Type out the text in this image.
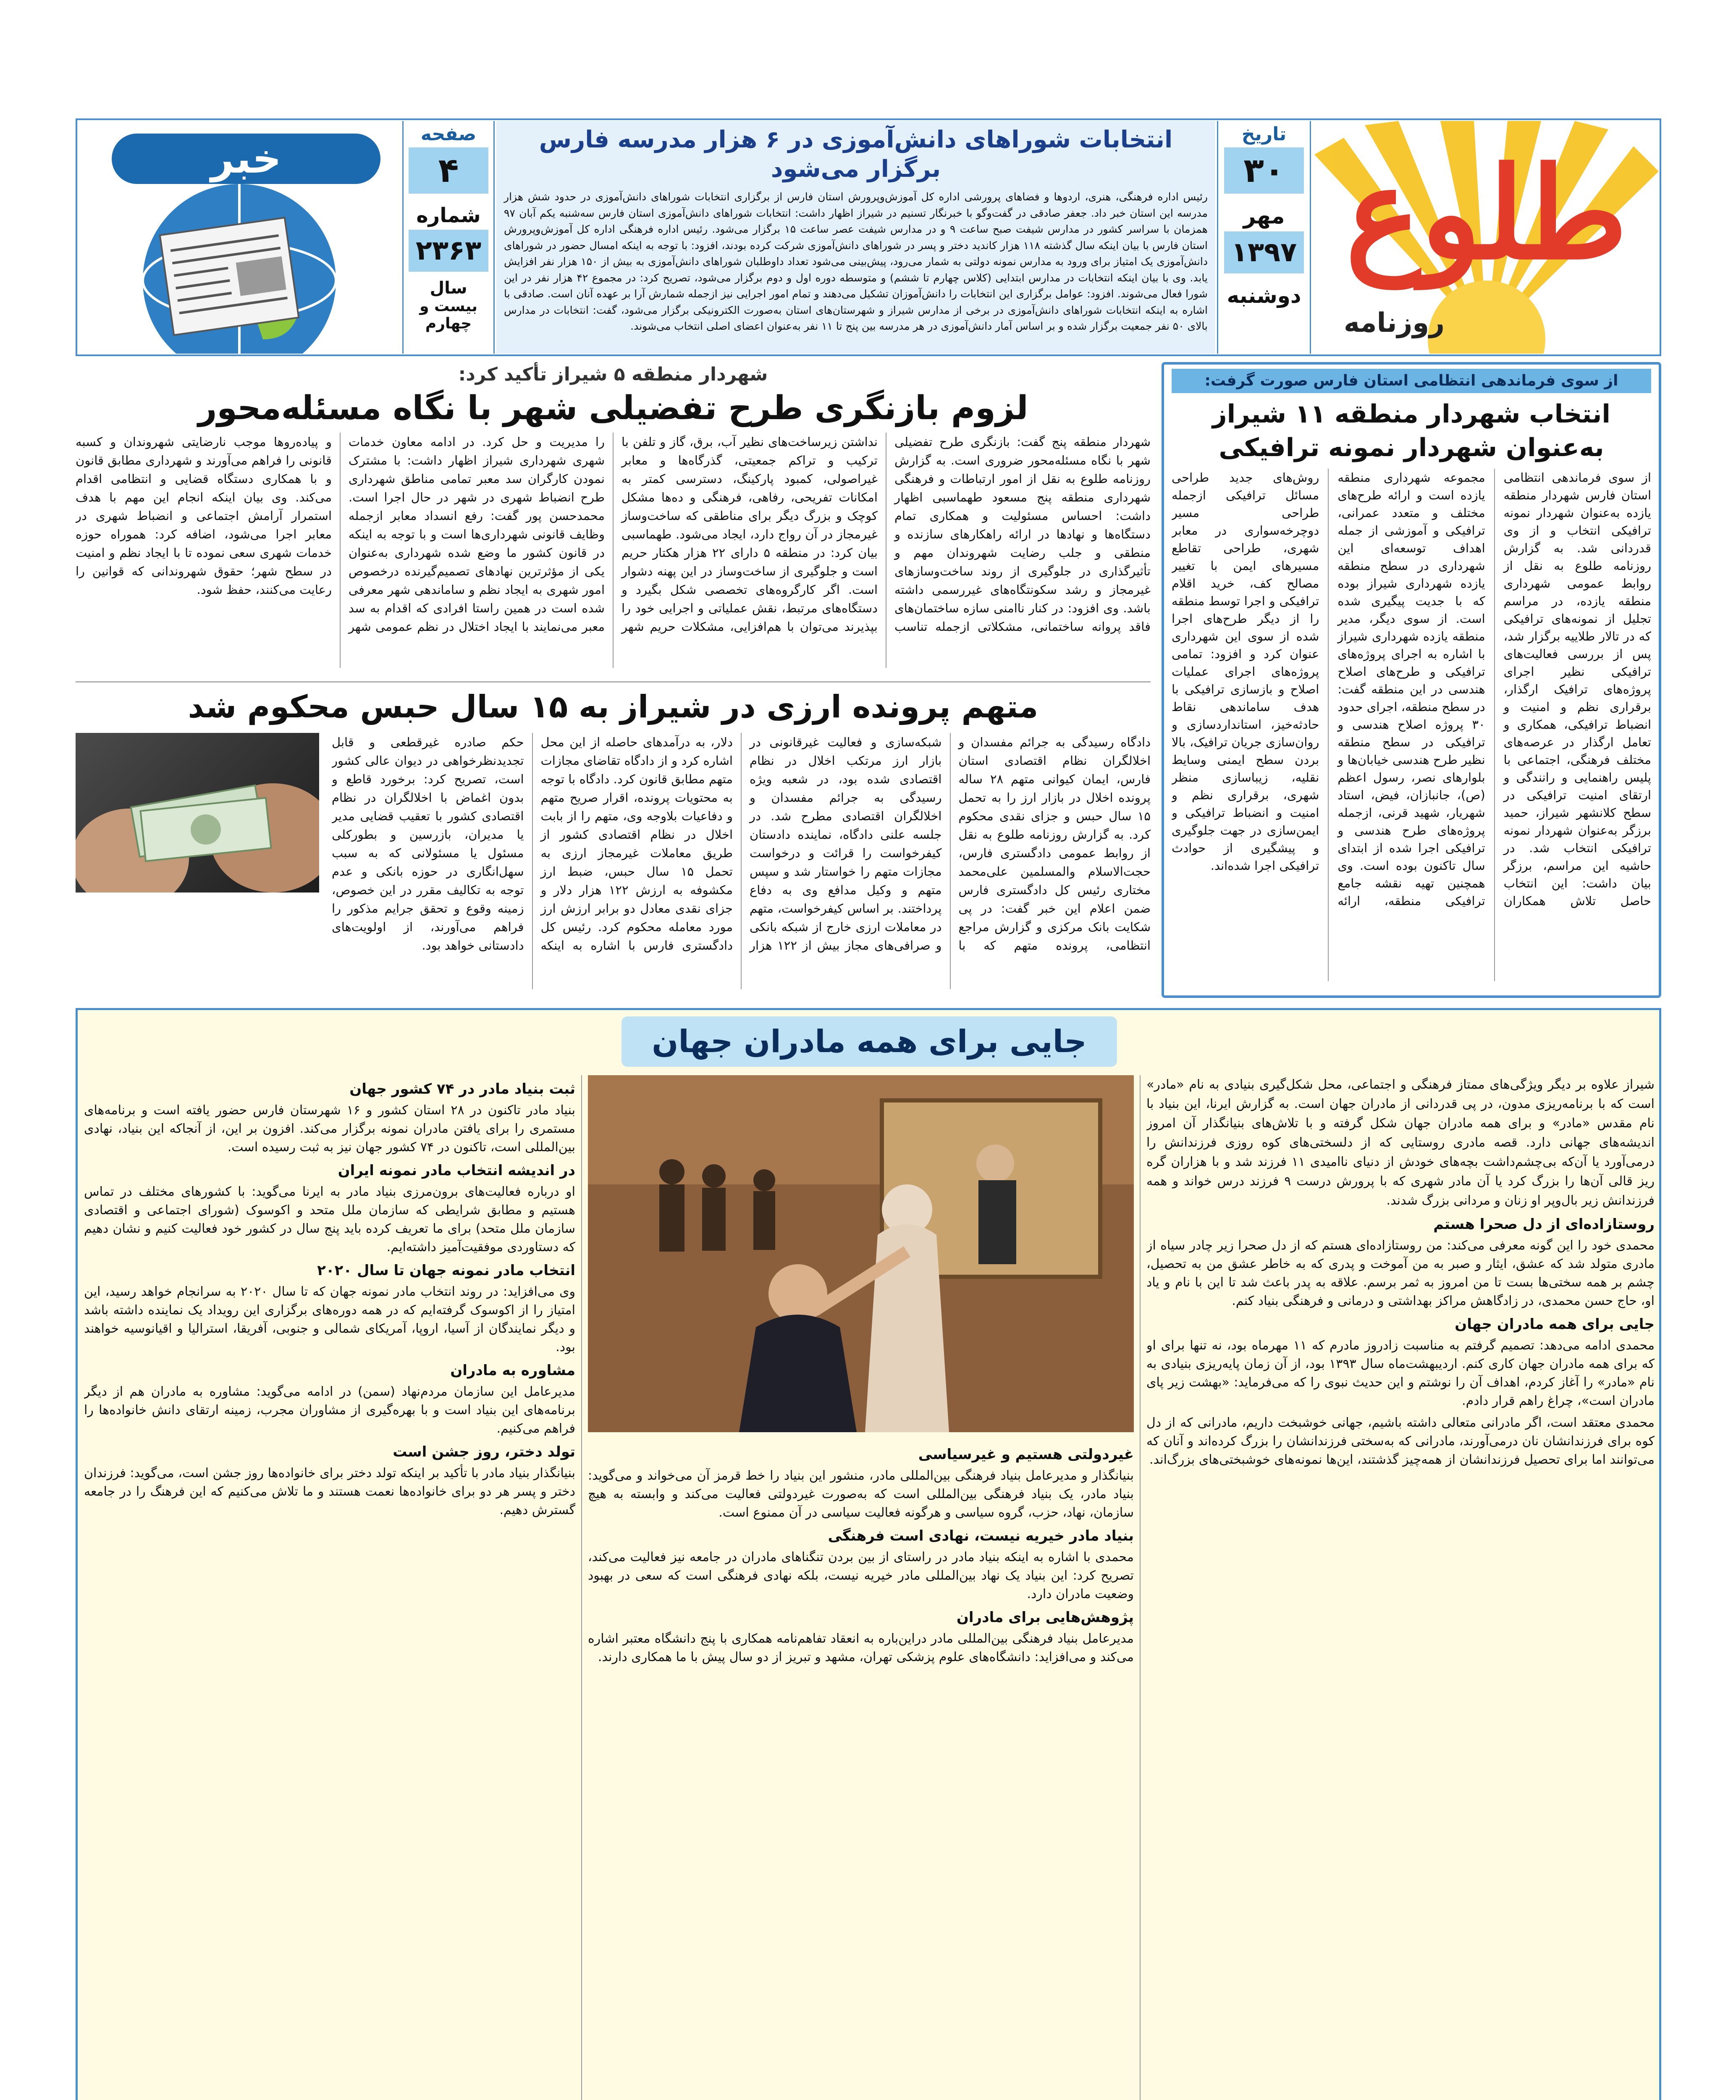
طلوع
روزنامه
تاریخ
۳۰
مهر
۱۳۹۷
دوشنبه
انتخابات شوراهای دانش‌آموزی در ۶ هزار مدرسه فارس برگزار می‌شود
رئیس اداره فرهنگی، هنری، اردوها و فضاهای پرورشی اداره کل آموزش‌وپرورش استان فارس از برگزاری انتخابات شوراهای دانش‌آموزی در حدود شش هزار مدرسه این استان خبر داد. جعفر صادقی در گفت‌وگو با خبرنگار تسنیم در شیراز اظهار داشت: انتخابات شوراهای دانش‌آموزی استان فارس سه‌شنبه یکم آبان ۹۷ همزمان با سراسر کشور در مدارس شیفت صبح ساعت ۹ و در مدارس شیفت عصر ساعت ۱۵ برگزار می‌شود. رئیس اداره فرهنگی اداره کل آموزش‌وپرورش استان فارس با بیان اینکه سال گذشته ۱۱۸ هزار کاندید دختر و پسر در شوراهای دانش‌آموزی شرکت کرده بودند، افزود: با توجه به اینکه امسال حضور در شوراهای دانش‌آموزی یک امتیاز برای ورود به مدارس نمونه دولتی به شمار می‌رود، پیش‌بینی می‌شود تعداد داوطلبان شوراهای دانش‌آموزی به بیش از ۱۵۰ هزار نفر افزایش یابد. وی با بیان اینکه انتخابات در مدارس ابتدایی (کلاس چهارم تا ششم) و متوسطه دوره اول و دوم برگزار می‌شود، تصریح کرد: در مجموع ۴۲ هزار نفر در این شورا فعال می‌شوند. افزود: عوامل برگزاری این انتخابات را دانش‌آموزان تشکیل می‌دهند و تمام امور اجرایی نیز ازجمله شمارش آرا بر عهده آنان است. صادقی با اشاره به اینکه انتخابات شوراهای دانش‌آموزی در برخی از مدارس شیراز و شهرستان‌های استان به‌صورت الکترونیکی برگزار می‌شود، گفت: انتخابات در مدارس بالای ۵۰ نفر جمعیت برگزار شده و بر اساس آمار دانش‌آموزی در هر مدرسه بین پنج تا ۱۱ نفر به‌عنوان اعضای اصلی انتخاب می‌شوند.
صفحه
۴
شماره
۲۳۶۳
سال
بیست و چهارم
خبر
از سوی فرماندهی انتظامی استان فارس صورت گرفت:
انتخاب شهردار منطقه ۱۱ شیراز
به‌عنوان شهردار نمونه ترافیکی
از سوی فرماندهی انتظامی استان فارس شهردار منطقه یازده به‌عنوان شهردار نمونه ترافیکی انتخاب و از وی قدردانی شد. به گزارش روزنامه طلوع به نقل از روابط عمومی شهرداری منطقه یازده، در مراسم تجلیل از نمونه‌های ترافیکی که در تالار طلاییه برگزار شد، پس از بررسی فعالیت‌های ترافیکی نظیر اجرای پروژه‌های ترافیک ارگذار، برقراری نظم و امنیت و انضباط ترافیکی، همکاری و تعامل ارگذار در عرصه‌های مختلف فرهنگی، اجتماعی با پلیس راهنمایی و رانندگی و ارتقای امنیت ترافیکی در سطح کلانشهر شیراز، حمید برزگر به‌عنوان شهردار نمونه ترافیکی انتخاب شد. در حاشیه این مراسم، برزگر بیان داشت: این انتخاب حاصل تلاش همکاران مجموعه شهرداری منطقه یازده است و ارائه طرح‌های مختلف و متعدد عمرانی، ترافیکی و آموزشی از جمله اهداف توسعه‌ای این شهرداری در سطح منطقه یازده شهرداری شیراز بوده که با جدیت پیگیری شده است. از سوی دیگر، مدیر منطقه یازده شهرداری شیراز با اشاره به اجرای پروژه‌های ترافیکی و طرح‌های اصلاح هندسی در این منطقه گفت: در سطح منطقه، اجرای حدود ۳۰ پروژه اصلاح هندسی و ترافیکی در سطح منطقه نظیر طرح هندسی خیابان‌ها و بلوارهای نصر، رسول اعظم (ص)، جانبازان، فیض، استاد شهریار، شهید قرنی، ازجمله پروژه‌های طرح هندسی و ترافیکی اجرا شده از ابتدای سال تاکنون بوده است. وی همچنین تهیه نقشه جامع ترافیکی منطقه، ارائه روش‌های جدید طراحی مسائل ترافیکی ازجمله طراحی مسیر دوچرخه‌سواری در معابر شهری، طراحی تقاطع مسیرهای ایمن با تغییر مصالح کف، خرید اقلام ترافیکی و اجرا توسط منطقه را از دیگر طرح‌های اجرا شده از سوی این شهرداری عنوان کرد و افزود: تمامی پروژه‌های اجرای عملیات اصلاح و بازسازی ترافیکی با هدف ساماندهی نقاط حادثه‌خیز، استانداردسازی و روان‌سازی جریان ترافیک، بالا بردن سطح ایمنی وسایط نقلیه، زیباسازی منظر شهری، برقراری نظم و امنیت و انضباط ترافیکی و ایمن‌سازی در جهت جلوگیری و پیشگیری از حوادث ترافیکی اجرا شده‌اند.
شهردار منطقه ۵ شیراز تأکید کرد:
لزوم بازنگری طرح تفضیلی شهر با نگاه مسئله‌محور
شهردار منطقه پنج گفت: بازنگری طرح تفضیلی شهر با نگاه مسئله‌محور ضروری است. به گزارش روزنامه طلوع به نقل از امور ارتباطات و فرهنگی شهرداری منطقه پنج مسعود طهماسبی اظهار داشت: احساس مسئولیت و همکاری تمام دستگاه‌ها و نهادها در ارائه راهکارهای سازنده و منطقی و جلب رضایت شهروندان مهم و تأثیرگذاری در جلوگیری از روند ساخت‌وسازهای غیرمجاز و رشد سکونتگاه‌های غیررسمی داشته باشد. وی افزود: در کنار ناامنی سازه ساختمان‌های فاقد پروانه ساختمانی، مشکلاتی ازجمله تناسب نداشتن زیرساخت‌های نظیر آب، برق، گاز و تلفن با ترکیب و تراکم جمعیتی، گذرگاه‌ها و معابر غیراصولی، کمبود پارکینگ، دسترسی کمتر به امکانات تفریحی، رفاهی، فرهنگی و ده‌ها مشکل کوچک و بزرگ دیگر برای مناطقی که ساخت‌وساز غیرمجاز در آن رواج دارد، ایجاد می‌شود. طهماسبی بیان کرد: در منطقه ۵ دارای ۲۲ هزار هکتار حریم است و جلوگیری از ساخت‌وساز در این پهنه دشوار است. اگر کارگروه‌های تخصصی شکل بگیرد و دستگاه‌های مرتبط، نقش عملیاتی و اجرایی خود را بپذیرند می‌توان با هم‌افزایی، مشکلات حریم شهر را مدیریت و حل کرد. در ادامه معاون خدمات شهری شهرداری شیراز اظهار داشت: با مشترک نمودن کارگران سد معبر تمامی مناطق شهرداری طرح انضباط شهری در شهر در حال اجرا است. محمدحسن پور گفت: رفع انسداد معابر ازجمله وظایف قانونی شهرداری‌ها است و با توجه به اینکه در قانون کشور ما وضع شده شهرداری به‌عنوان یکی از مؤثرترین نهادهای تصمیم‌گیرنده درخصوص امور شهری به ایجاد نظم و ساماندهی شهر معرفی شده است در همین راستا افرادی که اقدام به سد معبر می‌نمایند با ایجاد اختلال در نظم عمومی شهر و پیاده‌روها موجب نارضایتی شهروندان و کسبه قانونی را فراهم می‌آورند و شهرداری مطابق قانون و با همکاری دستگاه قضایی و انتظامی اقدام می‌کند. وی بیان اینکه انجام این مهم با هدف استمرار آرامش اجتماعی و انضباط شهری در معابر اجرا می‌شود، اضافه کرد: هموراه حوزه خدمات شهری سعی نموده تا با ایجاد نظم و امنیت در سطح شهر؛ حقوق شهروندانی که قوانین را رعایت می‌کنند، حفظ شود.
متهم پرونده ارزی در شیراز به ۱۵ سال حبس محکوم شد
دادگاه رسیدگی به جرائم مفسدان و اخلالگران نظام اقتصادی استان فارس، ایمان کیوانی متهم ۲۸ ساله پرونده اخلال در بازار ارز را به تحمل ۱۵ سال حبس و جزای نقدی محکوم کرد. به گزارش روزنامه طلوع به نقل از روابط عمومی دادگستری فارس، حجت‌الاسلام والمسلمین علی‌محمد مختاری رئیس کل دادگستری فارس ضمن اعلام این خبر گفت: در پی شکایت بانک مرکزی و گزارش مراجع انتظامی، پرونده متهم که با شبکه‌سازی و فعالیت غیرقانونی در بازار ارز مرتکب اخلال در نظام اقتصادی شده بود، در شعبه ویژه رسیدگی به جرائم مفسدان و اخلالگران اقتصادی مطرح شد. در جلسه علنی دادگاه، نماینده دادستان کیفرخواست را قرائت و درخواست مجازات متهم را خواستار شد و سپس متهم و وکیل مدافع وی به دفاع پرداختند. بر اساس کیفرخواست، متهم در معاملات ارزی خارج از شبکه بانکی و صرافی‌های مجاز بیش از ۱۲۲ هزار دلار، به درآمدهای حاصله از این محل اشاره کرد و از دادگاه تقاضای مجازات متهم مطابق قانون کرد. دادگاه با توجه به محتویات پرونده، اقرار صریح متهم و دفاعیات بلاوجه وی، متهم را از بابت اخلال در نظام اقتصادی کشور از طریق معاملات غیرمجاز ارزی به تحمل ۱۵ سال حبس، ضبط ارز مکشوفه به ارزش ۱۲۲ هزار دلار و جزای نقدی معادل دو برابر ارزش ارز مورد معامله محکوم کرد. رئیس کل دادگستری فارس با اشاره به اینکه حکم صادره غیرقطعی و قابل تجدیدنظرخواهی در دیوان عالی کشور است، تصریح کرد: برخورد قاطع و بدون اغماض با اخلالگران در نظام اقتصادی کشور با تعقیب قضایی مدیر یا مدیران، بازرسین و بطورکلی مسئول یا مسئولانی که به سبب سهل‌انگاری در حوزه بانکی و عدم توجه به تکالیف مقرر در این خصوص، زمینه وقوع و تحقق جرایم مذکور را فراهم می‌آورند، از اولویت‌های دادستانی خواهد بود.
جایی برای همه مادران جهان
شیراز علاوه بر دیگر ویژگی‌های ممتاز فرهنگی و اجتماعی، محل شکل‌گیری بنیادی به نام «مادر» است که با برنامه‌ریزی مدون، در پی قدردانی از مادران جهان است. به گزارش ایرنا، این بنیاد با نام مقدس «مادر» و برای همه مادران جهان شکل گرفته و با تلاش‌های بنیانگذار آن امروز اندیشه‌های جهانی دارد. قصه مادری روستایی که از دلسختی‌های کوه روزی فرزندانش را درمی‌آورد یا آن‌که بی‌چشم‌داشت بچه‌های خودش از دنیای ناامیدی ۱۱ فرزند شد و با هزاران گره ریز قالی آن‌ها را بزرگ کرد یا آن مادر شهری که با پرورش درست ۹ فرزند درس خواند و همه فرزندانش زیر بال‌وپر او زنان و مردانی بزرگ شدند.
روستازاده‌ای از دل صحرا هستم
محمدی خود را این گونه معرفی می‌کند: من روستازاده‌ای هستم که از دل صحرا زیر چادر سیاه از مادری متولد شد که عشق، ایثار و صبر به من آموخت و پدری که به خاطر عشق من به تحصیل، چشم بر همه سختی‌ها بست تا من امروز به ثمر برسم. علاقه به پدر باعث شد تا این با نام و یاد او، حاج حسن محمدی، در زادگاهش مراکز بهداشتی و درمانی و فرهنگی بنیاد کنم.
جایی برای همه مادران جهان
محمدی ادامه می‌دهد: تصمیم گرفتم به مناسبت زادروز مادرم که ۱۱ مهرماه بود، نه تنها برای او که برای همه مادران جهان کاری کنم. اردیبهشت‌ماه سال ۱۳۹۳ بود، از آن زمان پایه‌ریزی بنیادی به نام «مادر» را آغاز کردم، اهداف آن را نوشتم و این حدیث نبوی را که می‌فرماید: «بهشت زیر پای مادران است»، چراغ راهم قرار دادم.
محمدی معتقد است، اگر مادرانی متعالی داشته باشیم، جهانی خوشبخت داریم، مادرانی که از دل کوه برای فرزندانشان نان درمی‌آورند، مادرانی که به‌سختی فرزندانشان را بزرگ کرده‌اند و آنان که می‌توانند اما برای تحصیل فرزندانشان از همه‌چیز گذشتند، این‌ها نمونه‌های خوشبختی‌های بزرگ‌اند.
غیردولتی هستیم و غیرسیاسی
بنیانگذار و مدیرعامل بنیاد فرهنگی بین‌المللی مادر، منشور این بنیاد را خط قرمز آن می‌خواند و می‌گوید: بنیاد مادر، یک بنیاد فرهنگی بین‌المللی است که به‌صورت غیردولتی فعالیت می‌کند و وابسته به هیچ سازمان، نهاد، حزب، گروه سیاسی و هرگونه فعالیت سیاسی در آن ممنوع است.
بنیاد مادر خیریه نیست، نهادی است فرهنگی
محمدی با اشاره به اینکه بنیاد مادر در راستای از بین بردن تنگناهای مادران در جامعه نیز فعالیت می‌کند، تصریح کرد: این بنیاد یک نهاد بین‌المللی مادر خیریه نیست، بلکه نهادی فرهنگی است که سعی در بهبود وضعیت مادران دارد.
پژوهش‌هایی برای مادران
مدیرعامل بنیاد فرهنگی بین‌المللی مادر دراین‌باره به انعقاد تفاهم‌نامه همکاری با پنج دانشگاه معتبر اشاره می‌کند و می‌افزاید: دانشگاه‌های علوم پزشکی تهران، مشهد و تبریز از دو سال پیش با ما همکاری دارند.
ثبت بنیاد مادر در ۷۴ کشور جهان
بنیاد مادر تاکنون در ۲۸ استان کشور و ۱۶ شهرستان فارس حضور یافته است و برنامه‌های مستمری را برای یافتن مادران نمونه برگزار می‌کند. افزون بر این، از آنجاکه این بنیاد، نهادی بین‌المللی است، تاکنون در ۷۴ کشور جهان نیز به ثبت رسیده است.
در اندیشه انتخاب مادر نمونه ایران
او درباره فعالیت‌های برون‌مرزی بنیاد مادر به ایرنا می‌گوید: با کشورهای مختلف در تماس هستیم و مطابق شرایطی که سازمان ملل متحد و اکوسوک (شورای اجتماعی و اقتصادی سازمان ملل متحد) برای ما تعریف کرده باید پنج سال در کشور خود فعالیت کنیم و نشان دهیم که دستاوردی موفقیت‌آمیز داشته‌ایم.
انتخاب مادر نمونه جهان تا سال ۲۰۲۰
وی می‌افزاید: در روند انتخاب مادر نمونه جهان که تا سال ۲۰۲۰ به سرانجام خواهد رسید، این امتیاز را از اکوسوک گرفته‌ایم که در همه دوره‌های برگزاری این رویداد یک نماینده داشته باشد و دیگر نمایندگان از آسیا، اروپا، آمریکای شمالی و جنوبی، آفریقا، استرالیا و اقیانوسیه خواهند بود.
مشاوره به مادران
مدیرعامل این سازمان مردم‌نهاد (سمن) در ادامه می‌گوید: مشاوره به مادران هم از دیگر برنامه‌های این بنیاد است و با بهره‌گیری از مشاوران مجرب، زمینه ارتقای دانش خانواده‌ها را فراهم می‌کنیم.
تولد دختر، روز جشن است
بنیانگذار بنیاد مادر با تأکید بر اینکه تولد دختر برای خانواده‌ها روز جشن است، می‌گوید: فرزندان دختر و پسر هر دو برای خانواده‌ها نعمت هستند و ما تلاش می‌کنیم که این فرهنگ را در جامعه گسترش دهیم.
